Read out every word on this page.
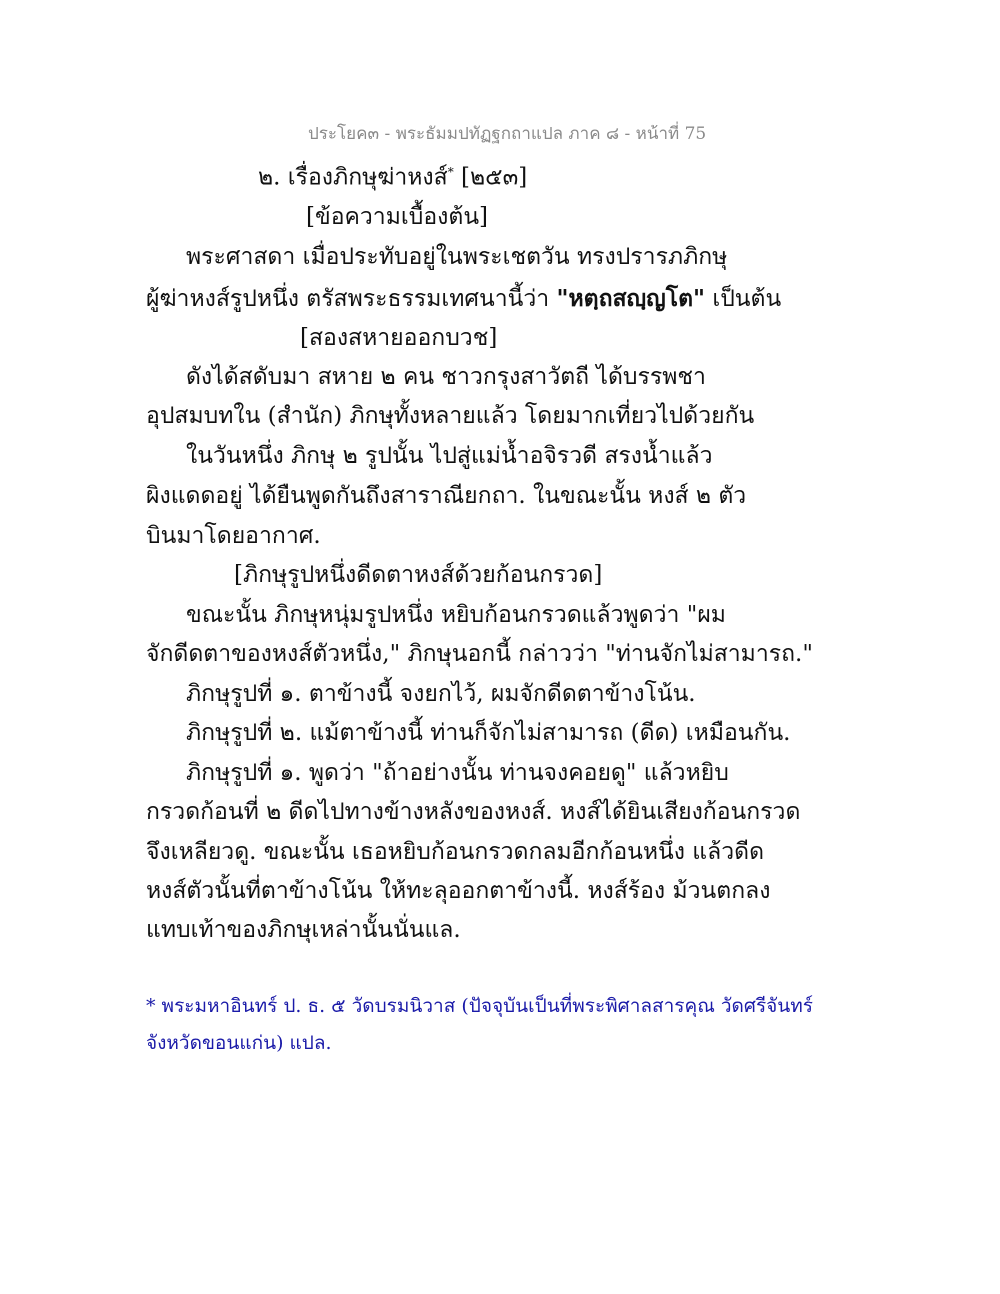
ประโยค๓ - พระธัมมปทัฏฐกถาแปล ภาค ๘ - หน้าที่ 75
๒. เรื่องภิกษุฆ่าหงส์* [๒๕๓]
[ข้อความเบื้องต้น]
พระศาสดา เมื่อประทับอยู่ในพระเชตวัน ทรงปรารภภิกษุ
ผู้ฆ่าหงส์รูปหนึ่ง ตรัสพระธรรมเทศนานี้ว่า "หตฺถสญฺญโต" เป็นต้น
[สองสหายออกบวช]
ดังได้สดับมา สหาย ๒ คน ชาวกรุงสาวัตถี ได้บรรพชา
อุปสมบทใน (สำนัก) ภิกษุทั้งหลายแล้ว โดยมากเที่ยวไปด้วยกัน
ในวันหนึ่ง ภิกษุ ๒ รูปนั้น ไปสู่แม่น้ำอจิรวดี สรงน้ำแล้ว
ผิงแดดอยู่ ได้ยืนพูดกันถึงสาราณียกถา. ในขณะนั้น หงส์ ๒ ตัว
บินมาโดยอากาศ.
[ภิกษุรูปหนึ่งดีดตาหงส์ด้วยก้อนกรวด]
ขณะนั้น ภิกษุหนุ่มรูปหนึ่ง หยิบก้อนกรวดแล้วพูดว่า "ผม
จักดีดตาของหงส์ตัวหนึ่ง," ภิกษุนอกนี้ กล่าวว่า "ท่านจักไม่สามารถ."
ภิกษุรูปที่ ๑. ตาข้างนี้ จงยกไว้, ผมจักดีดตาข้างโน้น.
ภิกษุรูปที่ ๒. แม้ตาข้างนี้ ท่านก็จักไม่สามารถ (ดีด) เหมือนกัน.
ภิกษุรูปที่ ๑. พูดว่า "ถ้าอย่างนั้น ท่านจงคอยดู" แล้วหยิบ
กรวดก้อนที่ ๒ ดีดไปทางข้างหลังของหงส์. หงส์ได้ยินเสียงก้อนกรวด
จึงเหลียวดู. ขณะนั้น เธอหยิบก้อนกรวดกลมอีกก้อนหนึ่ง แล้วดีด
หงส์ตัวนั้นที่ตาข้างโน้น ให้ทะลุออกตาข้างนี้. หงส์ร้อง ม้วนตกลง
แทบเท้าของภิกษุเหล่านั้นนั่นแล.
* พระมหาอินทร์ ป. ธ. ๕ วัดบรมนิวาส (ปัจจุบันเป็นที่พระพิศาลสารคุณ วัดศรีจันทร์
จังหวัดขอนแก่น) แปล.
